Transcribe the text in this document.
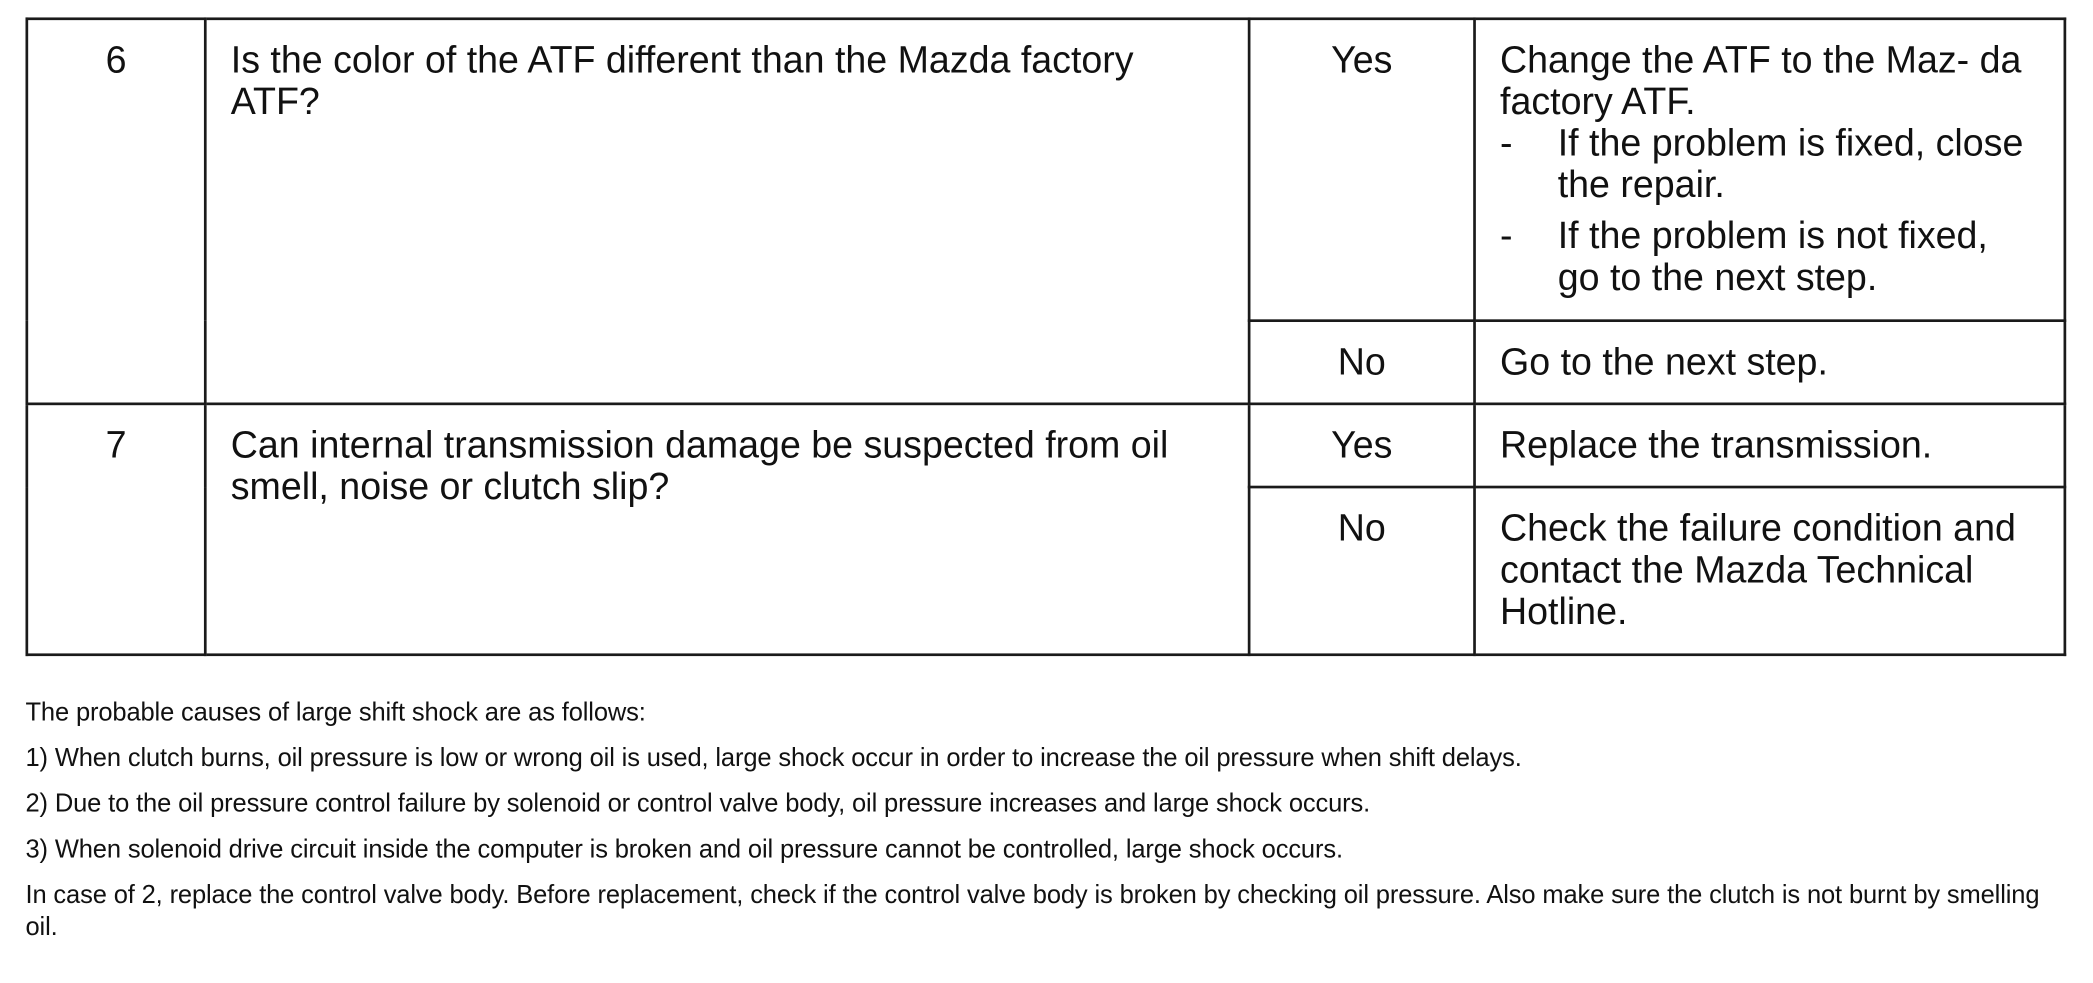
6	Is the color of the ATF different than the Mazda factory ATF?	Yes	Change the ATF to the Maz- da factory ATF.
- If the problem is fixed, close the repair.
- If the problem is not fixed, go to the next step.

		No	Go to the next step.

7	Can internal transmission damage be suspected from oil smell, noise or clutch slip?	Yes	Replace the transmission.

		No	Check the failure condition and contact the Mazda Technical Hotline.

The probable causes of large shift shock are as follows:

1) When clutch burns, oil pressure is low or wrong oil is used, large shock occur in order to increase the oil pressure when shift delays.

2) Due to the oil pressure control failure by solenoid or control valve body, oil pressure increases and large shock occurs.

3) When solenoid drive circuit inside the computer is broken and oil pressure cannot be controlled, large shock occurs.

In case of 2, replace the control valve body. Before replacement, check if the control valve body is broken by checking oil pressure. Also make sure the clutch is not burnt by smelling oil.
